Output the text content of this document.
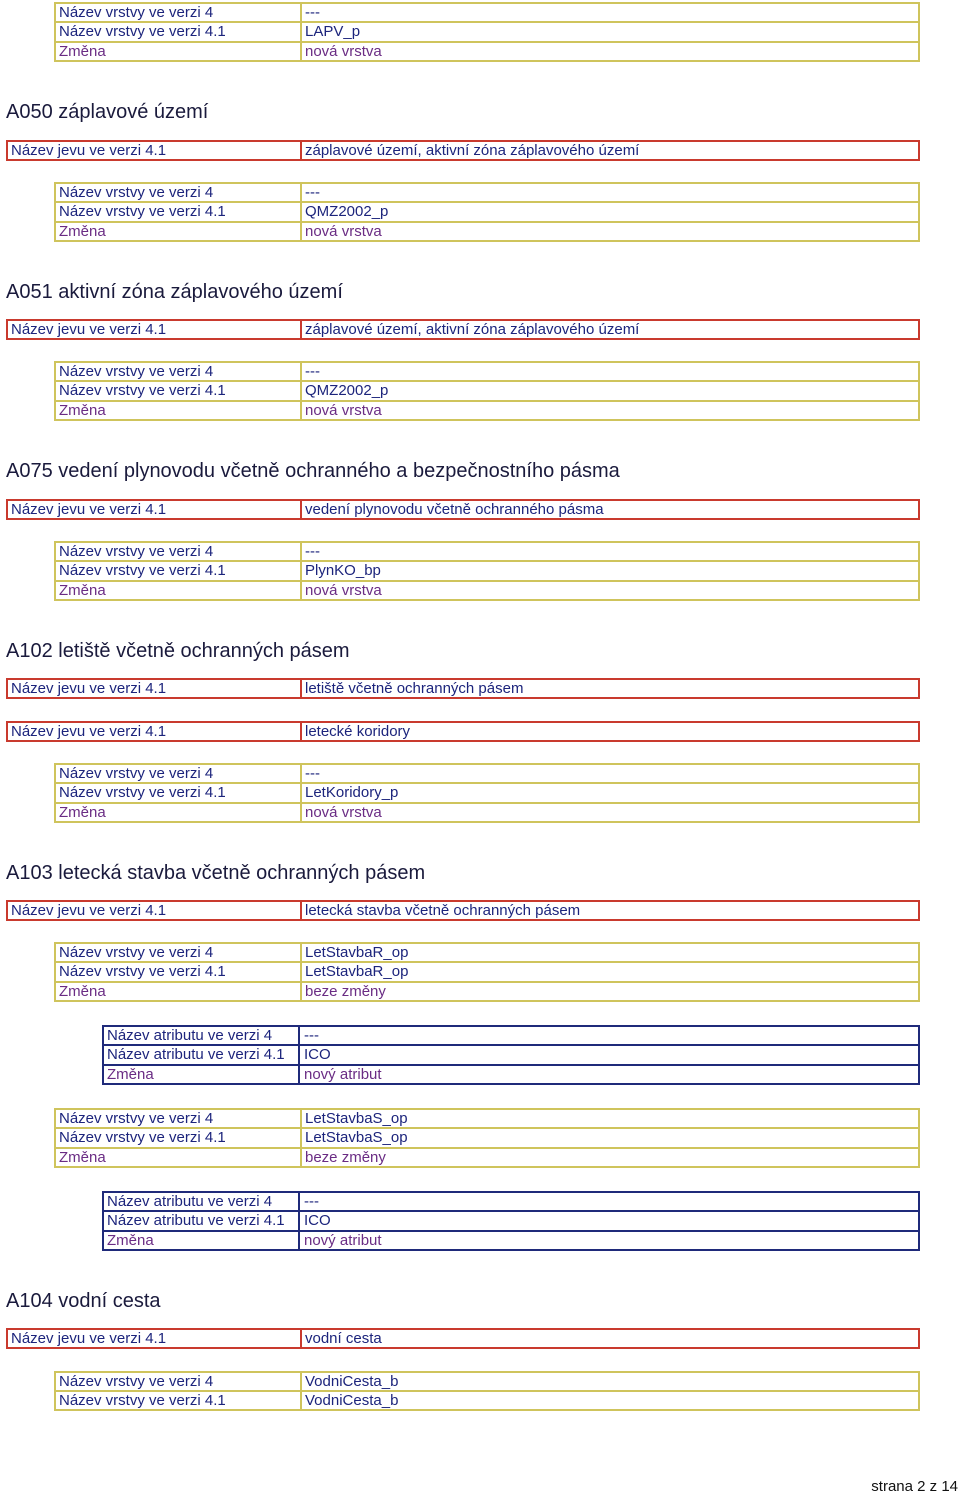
Název vrstvy ve verzi 4	---
Název vrstvy ve verzi 4.1	LAPV_p
Změna	nová vrstva
A050 záplavové území
Název jevu ve verzi 4.1	záplavové území, aktivní zóna záplavového území
Název vrstvy ve verzi 4	---
Název vrstvy ve verzi 4.1	QMZ2002_p
Změna	nová vrstva
A051 aktivní zóna záplavového území
Název jevu ve verzi 4.1	záplavové území, aktivní zóna záplavového území
Název vrstvy ve verzi 4	---
Název vrstvy ve verzi 4.1	QMZ2002_p
Změna	nová vrstva
A075 vedení plynovodu včetně ochranného a bezpečnostního pásma
Název jevu ve verzi 4.1	vedení plynovodu včetně ochranného pásma
Název vrstvy ve verzi 4	---
Název vrstvy ve verzi 4.1	PlynKO_bp
Změna	nová vrstva
A102 letiště včetně ochranných pásem
Název jevu ve verzi 4.1	letiště včetně ochranných pásem
Název jevu ve verzi 4.1	letecké koridory
Název vrstvy ve verzi 4	---
Název vrstvy ve verzi 4.1	LetKoridory_p
Změna	nová vrstva
A103 letecká stavba včetně ochranných pásem
Název jevu ve verzi 4.1	letecká stavba včetně ochranných pásem
Název vrstvy ve verzi 4	LetStavbaR_op
Název vrstvy ve verzi 4.1	LetStavbaR_op
Změna	beze změny
Název atributu ve verzi 4	---
Název atributu ve verzi 4.1	ICO
Změna	nový atribut
Název vrstvy ve verzi 4	LetStavbaS_op
Název vrstvy ve verzi 4.1	LetStavbaS_op
Změna	beze změny
Název atributu ve verzi 4	---
Název atributu ve verzi 4.1	ICO
Změna	nový atribut
A104 vodní cesta
Název jevu ve verzi 4.1	vodní cesta
Název vrstvy ve verzi 4	VodniCesta_b
Název vrstvy ve verzi 4.1	VodniCesta_b
strana 2 z 14
